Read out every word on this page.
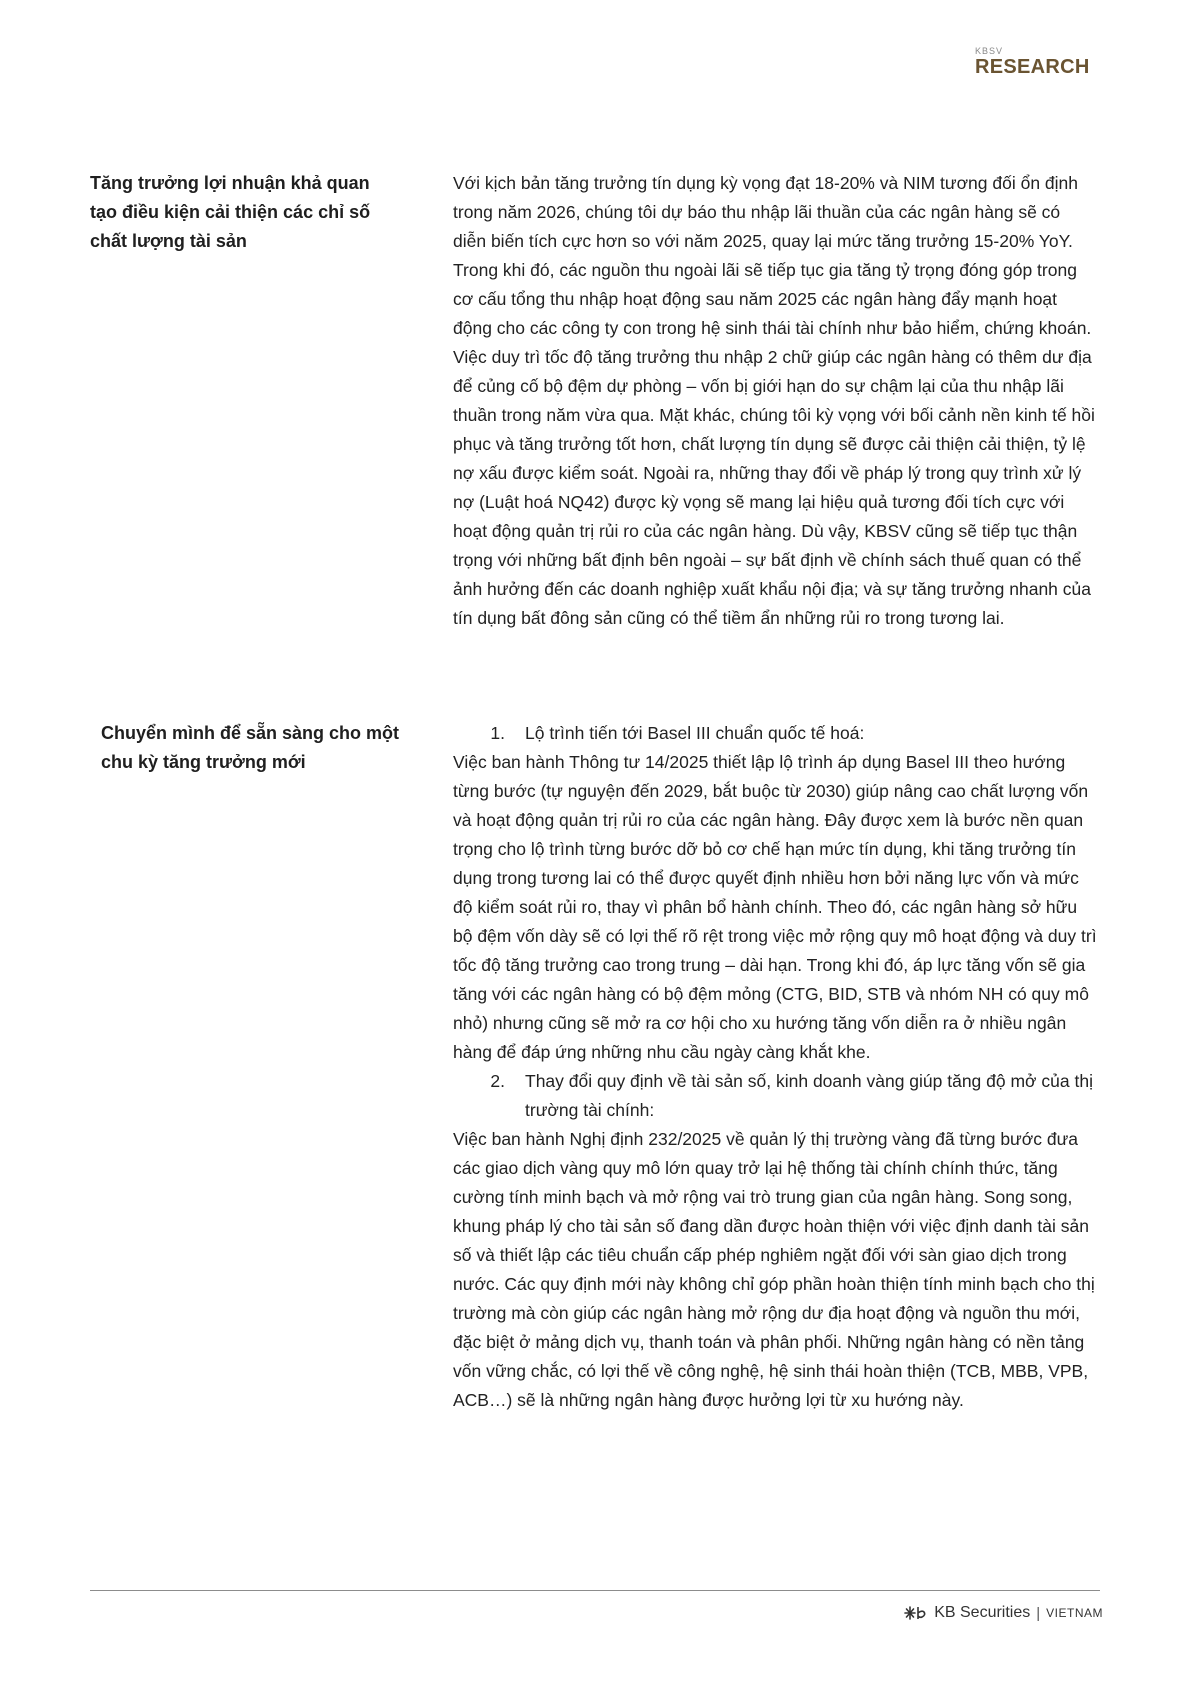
KBSV
RESEARCH
Tăng trưởng lợi nhuận khả quan tạo điều kiện cải thiện các chỉ số chất lượng tài sản

Với kịch bản tăng trưởng tín dụng kỳ vọng đạt 18-20% và NIM tương đối ổn định trong năm 2026, chúng tôi dự báo thu nhập lãi thuần của các ngân hàng sẽ có diễn biến tích cực hơn so với năm 2025, quay lại mức tăng trưởng 15-20% YoY. Trong khi đó, các nguồn thu ngoài lãi sẽ tiếp tục gia tăng tỷ trọng đóng góp trong cơ cấu tổng thu nhập hoạt động sau năm 2025 các ngân hàng đẩy mạnh hoạt động cho các công ty con trong hệ sinh thái tài chính như bảo hiểm, chứng khoán.

Việc duy trì tốc độ tăng trưởng thu nhập 2 chữ giúp các ngân hàng có thêm dư địa để củng cố bộ đệm dự phòng – vốn bị giới hạn do sự chậm lại của thu nhập lãi thuần trong năm vừa qua. Mặt khác, chúng tôi kỳ vọng với bối cảnh nền kinh tế hồi phục và tăng trưởng tốt hơn, chất lượng tín dụng sẽ được cải thiện cải thiện, tỷ lệ nợ xấu được kiểm soát. Ngoài ra, những thay đổi về pháp lý trong quy trình xử lý nợ (Luật hoá NQ42) được kỳ vọng sẽ mang lại hiệu quả tương đối tích cực với hoạt động quản trị rủi ro của các ngân hàng. Dù vậy, KBSV cũng sẽ tiếp tục thận trọng với những bất định bên ngoài – sự bất định về chính sách thuế quan có thể ảnh hưởng đến các doanh nghiệp xuất khẩu nội địa; và sự tăng trưởng nhanh của tín dụng bất đông sản cũng có thể tiềm ẩn những rủi ro trong tương lai.

Chuyển mình để sẵn sàng cho một chu kỳ tăng trưởng mới
1.	Lộ trình tiến tới Basel III chuẩn quốc tế hoá:

Việc ban hành Thông tư 14/2025 thiết lập lộ trình áp dụng Basel III theo hướng từng bước (tự nguyện đến 2029, bắt buộc từ 2030) giúp nâng cao chất lượng vốn và hoạt động quản trị rủi ro của các ngân hàng. Đây được xem là bước nền quan trọng cho lộ trình từng bước dỡ bỏ cơ chế hạn mức tín dụng, khi tăng trưởng tín dụng trong tương lai có thể được quyết định nhiều hơn bởi năng lực vốn và mức độ kiểm soát rủi ro, thay vì phân bổ hành chính. Theo đó, các ngân hàng sở hữu bộ đệm vốn dày sẽ có lợi thế rõ rệt trong việc mở rộng quy mô hoạt động và duy trì tốc độ tăng trưởng cao trong trung – dài hạn. Trong khi đó, áp lực tăng vốn sẽ gia tăng với các ngân hàng có bộ đệm mỏng (CTG, BID, STB và nhóm NH có quy mô nhỏ) nhưng cũng sẽ mở ra cơ hội cho xu hướng tăng vốn diễn ra ở nhiều ngân hàng để đáp ứng những nhu cầu ngày càng khắt khe.

2.	Thay đổi quy định về tài sản số, kinh doanh vàng giúp tăng độ mở của thị trường tài chính:

Việc ban hành Nghị định 232/2025 về quản lý thị trường vàng đã từng bước đưa các giao dịch vàng quy mô lớn quay trở lại hệ thống tài chính chính thức, tăng cường tính minh bạch và mở rộng vai trò trung gian của ngân hàng. Song song, khung pháp lý cho tài sản số đang dần được hoàn thiện với việc định danh tài sản số và thiết lập các tiêu chuẩn cấp phép nghiêm ngặt đối với sàn giao dịch trong nước. Các quy định mới này không chỉ góp phần hoàn thiện tính minh bạch cho thị trường mà còn giúp các ngân hàng mở rộng dư địa hoạt động và nguồn thu mới, đặc biệt ở mảng dịch vụ, thanh toán và phân phối. Những ngân hàng có nền tảng vốn vững chắc, có lợi thế về công nghệ, hệ sinh thái hoàn thiện (TCB, MBB, VPB, ACB…) sẽ là những ngân hàng được hưởng lợi từ xu hướng này.

KB Securities | VIETNAM
